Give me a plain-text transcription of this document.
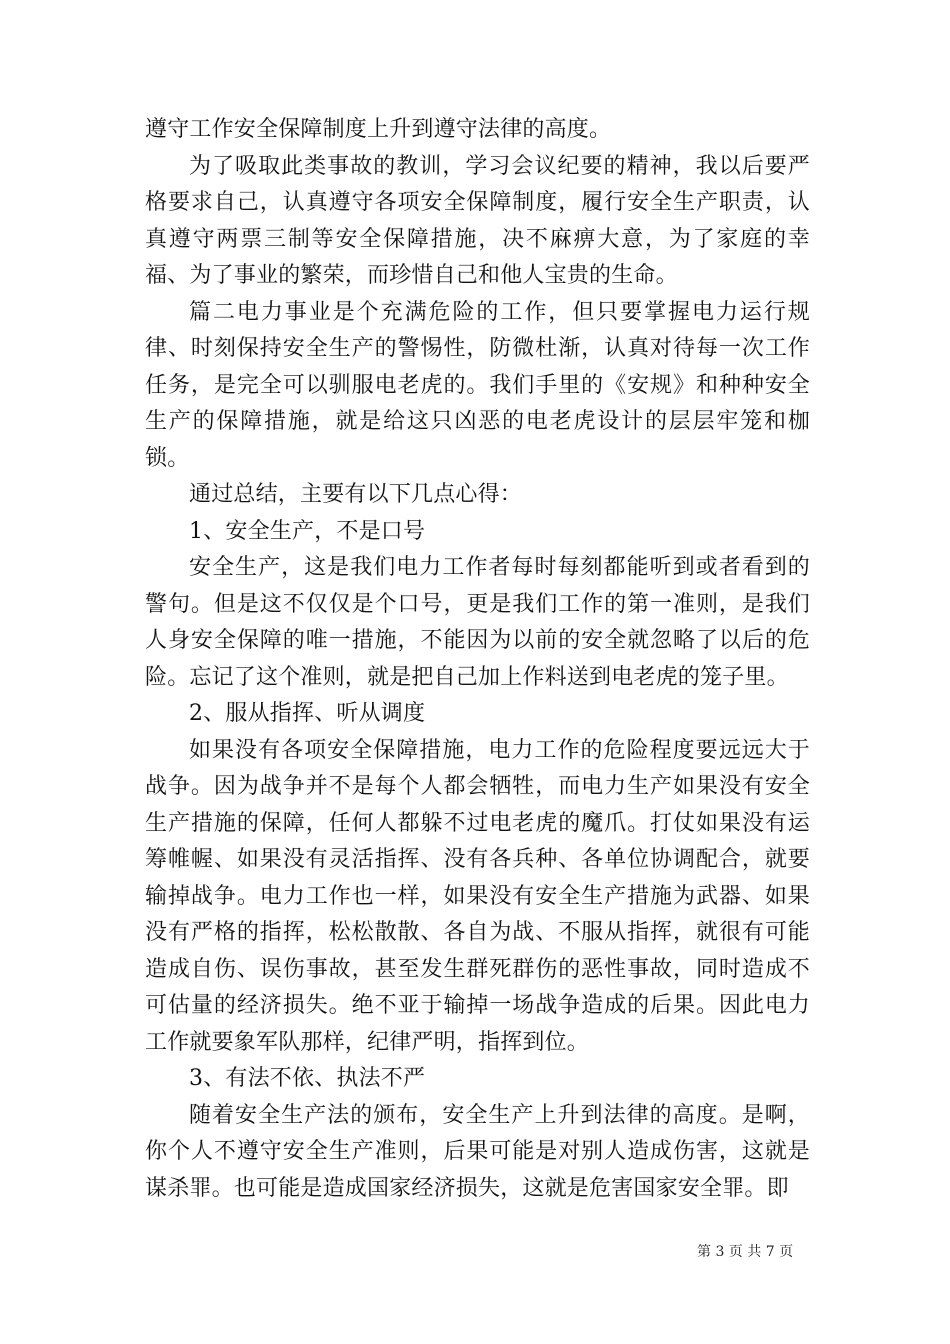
遵守工作安全保障制度上升到遵守法律的高度。

为了吸取此类事故的教训，学习会议纪要的精神，我以后要严格要求自己，认真遵守各项安全保障制度，履行安全生产职责，认真遵守两票三制等安全保障措施，决不麻痹大意，为了家庭的幸福、为了事业的繁荣，而珍惜自己和他人宝贵的生命。

篇二电力事业是个充满危险的工作，但只要掌握电力运行规律、时刻保持安全生产的警惕性，防微杜渐，认真对待每一次工作任务，是完全可以驯服电老虎的。我们手里的《安规》和种种安全生产的保障措施，就是给这只凶恶的电老虎设计的层层牢笼和枷锁。

通过总结，主要有以下几点心得：

1、安全生产，不是口号

安全生产，这是我们电力工作者每时每刻都能听到或者看到的警句。但是这不仅仅是个口号，更是我们工作的第一准则，是我们人身安全保障的唯一措施，不能因为以前的安全就忽略了以后的危险。忘记了这个准则，就是把自己加上作料送到电老虎的笼子里。

2、服从指挥、听从调度

如果没有各项安全保障措施，电力工作的危险程度要远远大于战争。因为战争并不是每个人都会牺牲，而电力生产如果没有安全生产措施的保障，任何人都躲不过电老虎的魔爪。打仗如果没有运筹帷幄、如果没有灵活指挥、没有各兵种、各单位协调配合，就要输掉战争。电力工作也一样，如果没有安全生产措施为武器、如果没有严格的指挥，松松散散、各自为战、不服从指挥，就很有可能造成自伤、误伤事故，甚至发生群死群伤的恶性事故，同时造成不可估量的经济损失。绝不亚于输掉一场战争造成的后果。因此电力工作就要象军队那样，纪律严明，指挥到位。

3、有法不依、执法不严

随着安全生产法的颁布，安全生产上升到法律的高度。是啊，你个人不遵守安全生产准则，后果可能是对别人造成伤害，这就是谋杀罪。也可能是造成国家经济损失，这就是危害国家安全罪。即

第 3 页 共 7 页
